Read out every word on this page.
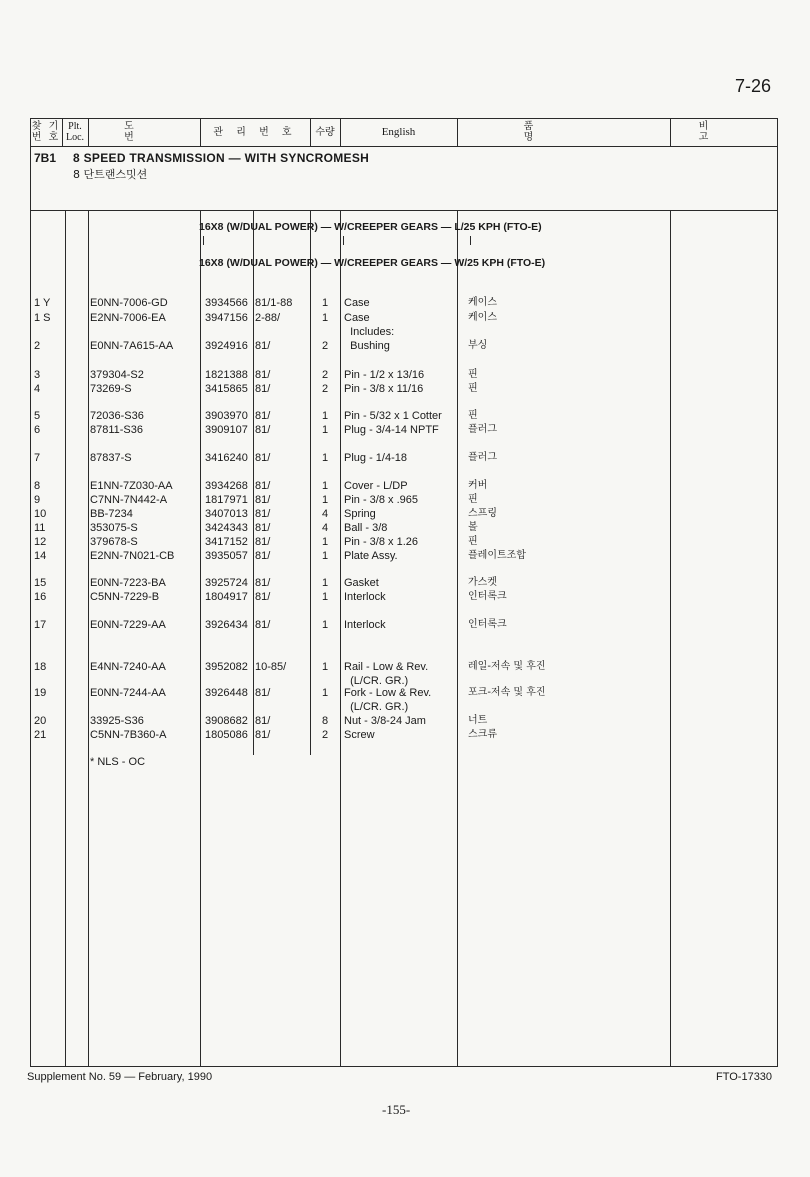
7-26
찾 기
번 호
Plt.
Loc.
도 번	관 리 번 호	수량	English	품 명
비 고
7B1 8 SPEED TRANSMISSION — WITH SYNCROMESH
8 단트랜스밋션
16X8 (W/DUAL POWER) — W/CREEPER GEARS — L/25 KPH (FTO-E)
16X8 (W/DUAL POWER) — W/CREEPER GEARS — W/25 KPH (FTO-E)
1 Y	E0NN-7006-GD	3934566 81/1-88	1	Case	케이스
1 S	E2NN-7006-EA	3947156 2-88/	1	Case	케이스
Includes:
2	E0NN-7A615-AA	3924916 81/	2	Bushing	부싱
3	379304-S2	1821388 81/	2	Pin - 1/2 x 13/16	핀
4	73269-S	3415865 81/	2	Pin - 3/8 x 11/16	핀
5	72036-S36	3903970 81/	1	Pin - 5/32 x 1 Cotter	핀
6	87811-S36	3909107 81/	1	Plug - 3/4-14 NPTF	플러그
7	87837-S	3416240 81/	1	Plug - 1/4-18	플러그
8	E1NN-7Z030-AA	3934268 81/	1	Cover - L/DP	커버
9	C7NN-7N442-A	1817971 81/	1	Pin - 3/8 x .965	핀
10	BB-7234	3407013 81/	4	Spring	스프링
11	353075-S	3424343 81/	4	Ball - 3/8	볼
12	379678-S	3417152 81/	1	Pin - 3/8 x 1.26	핀
14	E2NN-7N021-CB	3935057 81/	1	Plate Assy.	플레이트조합
15	E0NN-7223-BA	3925724 81/	1	Gasket	가스켓
16	C5NN-7229-B	1804917 81/	1	Interlock	인터록크
17	E0NN-7229-AA	3926434 81/	1	Interlock	인터록크
18	E4NN-7240-AA	3952082 10-85/	1	Rail - Low & Rev.	레일-저속 및 후진
(L/CR. GR.)
19	E0NN-7244-AA	3926448 81/	1	Fork - Low & Rev.	포크-저속 및 후진
(L/CR. GR.)
20	33925-S36	3908682 81/	8	Nut - 3/8-24 Jam	너트
21	C5NN-7B360-A	1805086 81/	2	Screw	스크류
* NLS - OC
Supplement No. 59 — February, 1990	FTO-17330
-155-
